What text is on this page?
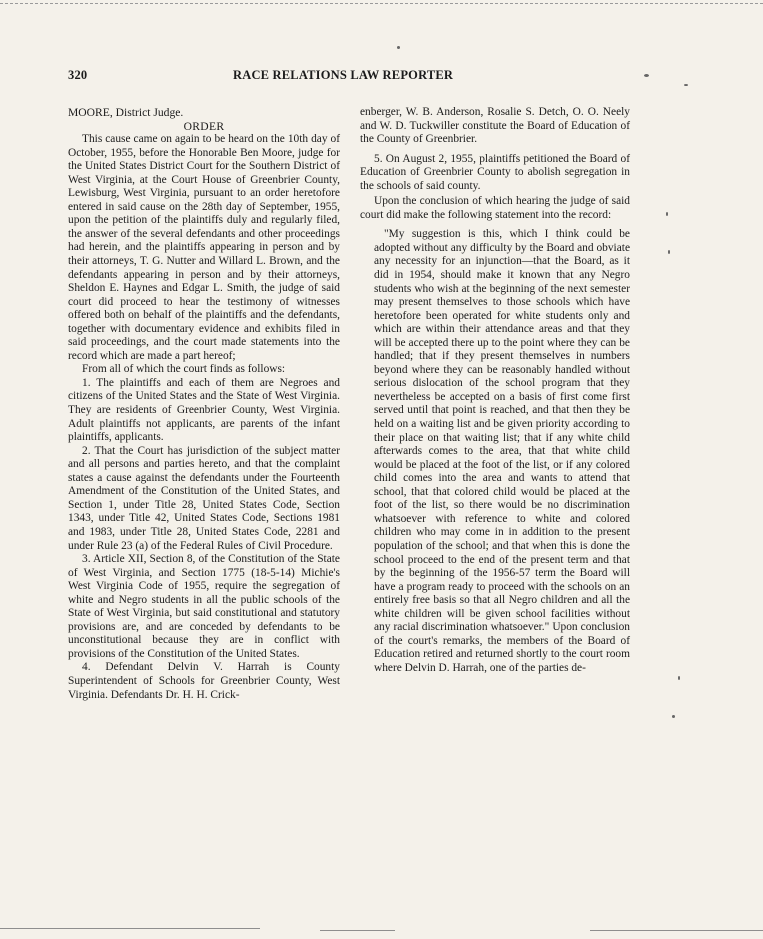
320	RACE RELATIONS LAW REPORTER

MOORE, District Judge.

ORDER

This cause came on again to be heard on the 10th day of October, 1955, before the Honorable Ben Moore, judge for the United States District Court for the Southern District of West Virginia, at the Court House of Greenbrier County, Lewisburg, West Virginia, pursuant to an order heretofore entered in said cause on the 28th day of September, 1955, upon the petition of the plaintiffs duly and regularly filed, the answer of the several defendants and other proceedings had herein, and the plaintiffs appearing in person and by their attorneys, T. G. Nutter and Willard L. Brown, and the defendants appearing in person and by their attorneys, Sheldon E. Haynes and Edgar L. Smith, the judge of said court did proceed to hear the testimony of witnesses offered both on behalf of the plaintiffs and the defendants, together with documentary evidence and exhibits filed in said proceedings, and the court made statements into the record which are made a part hereof;

From all of which the court finds as follows:

1. The plaintiffs and each of them are Negroes and citizens of the United States and the State of West Virginia. They are residents of Greenbrier County, West Virginia. Adult plaintiffs not applicants, are parents of the infant plaintiffs, applicants.

2. That the Court has jurisdiction of the subject matter and all persons and parties hereto, and that the complaint states a cause against the defendants under the Fourteenth Amendment of the Constitution of the United States, and Section 1, under Title 28, United States Code, Section 1343, under Title 42, United States Code, Sections 1981 and 1983, under Title 28, United States Code, 2281 and under Rule 23 (a) of the Federal Rules of Civil Procedure.

3. Article XII, Section 8, of the Constitution of the State of West Virginia, and Section 1775 (18-5-14) Michie's West Virginia Code of 1955, require the segregation of white and Negro students in all the public schools of the State of West Virginia, but said constitutional and statutory provisions are, and are conceded by defendants to be unconstitutional because they are in conflict with provisions of the Constitution of the United States.

4. Defendant Delvin V. Harrah is County Superintendent of Schools for Greenbrier County, West Virginia. Defendants Dr. H. H. Crick-

enberger, W. B. Anderson, Rosalie S. Detch, O. O. Neely and W. D. Tuckwiller constitute the Board of Education of the County of Greenbrier.

5. On August 2, 1955, plaintiffs petitioned the Board of Education of Greenbrier County to abolish segregation in the schools of said county.

Upon the conclusion of which hearing the judge of said court did make the following statement into the record:

"My suggestion is this, which I think could be adopted without any difficulty by the Board and obviate any necessity for an injunction—that the Board, as it did in 1954, should make it known that any Negro students who wish at the beginning of the next semester may present themselves to those schools which have heretofore been operated for white students only and which are within their attendance areas and that they will be accepted there up to the point where they can be handled; that if they present themselves in numbers beyond where they can be reasonably handled without serious dislocation of the school program that they nevertheless be accepted on a basis of first come first served until that point is reached, and that then they be held on a waiting list and be given priority according to their place on that waiting list; that if any white child afterwards comes to the area, that that white child would be placed at the foot of the list, or if any colored child comes into the area and wants to attend that school, that that colored child would be placed at the foot of the list, so there would be no discrimination whatsoever with reference to white and colored children who may come in in addition to the present population of the school; and that when this is done the school proceed to the end of the present term and that by the beginning of the 1956-57 term the Board will have a program ready to proceed with the schools on an entirely free basis so that all Negro children and all the white children will be given school facilities without any racial discrimination whatsoever." Upon conclusion of the court's remarks, the members of the Board of Education retired and returned shortly to the court room where Delvin D. Harrah, one of the parties de-
